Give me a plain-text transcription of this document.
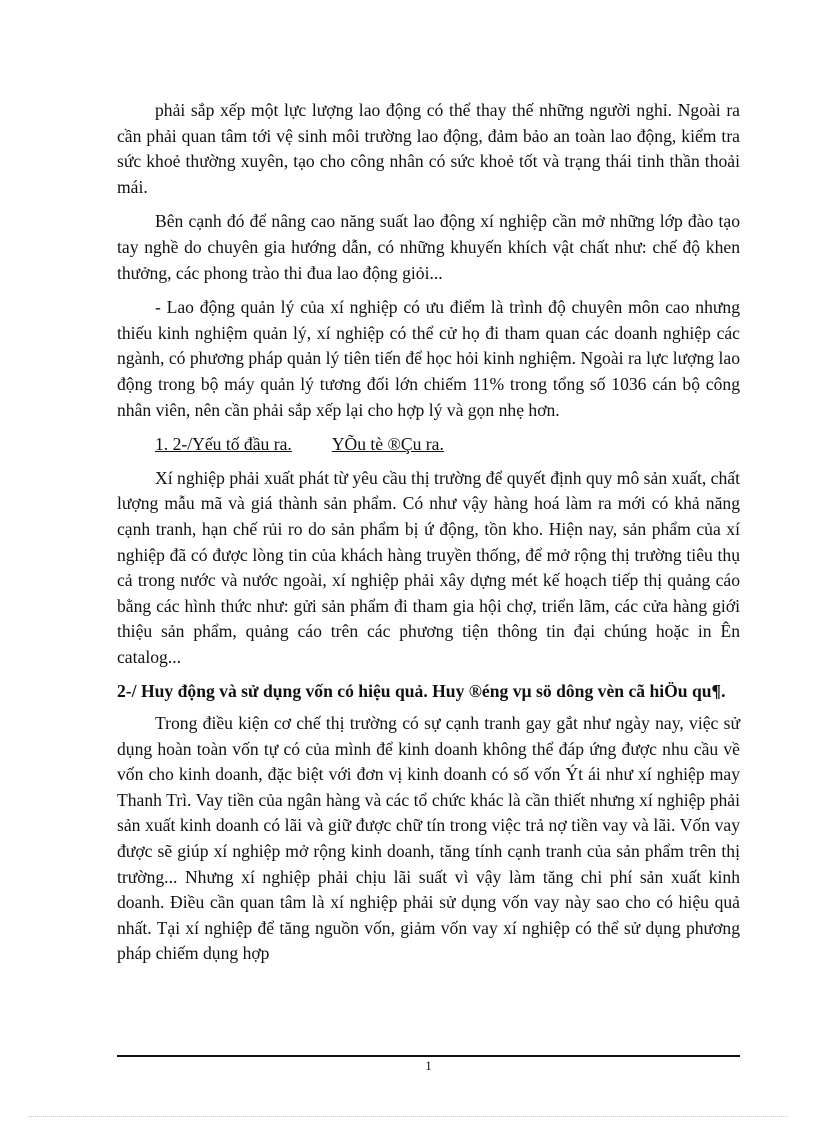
phải sắp xếp một lực lượng lao động có thể thay thế những người nghỉ. Ngoài ra cần phải quan tâm tới vệ sinh môi trường lao động, đảm bảo an toàn lao động, kiểm tra sức khoẻ thường xuyên, tạo cho công nhân có sức khoẻ tốt và trạng thái tinh thần thoải mái.

Bên cạnh đó để nâng cao năng suất lao động xí nghiệp cần mở những lớp đào tạo tay nghề do chuyên gia hướng dẫn, có những khuyến khích vật chất như: chế độ khen thưởng, các phong trào thi đua lao động giỏi...

- Lao động quản lý của xí nghiệp có ưu điểm là trình độ chuyên môn cao nhưng thiếu kinh nghiệm quản lý, xí nghiệp có thể cử họ đi tham quan các doanh nghiệp các ngành, có phương pháp quản lý tiên tiến để học hỏi kinh nghiệm. Ngoài ra lực lượng lao động trong bộ máy quản lý tương đối lớn chiếm 11% trong tổng số 1036 cán bộ công nhân viên, nên cần phải sắp xếp lại cho hợp lý và gọn nhẹ hơn.

1. 2-/Yếu tố đầu ra. YÕu tè ®Çu ra.

Xí nghiệp phải xuất phát từ yêu cầu thị trường để quyết định quy mô sản xuất, chất lượng mẫu mã và giá thành sản phẩm. Có như vậy hàng hoá làm ra mới có khả năng cạnh tranh, hạn chế rủi ro do sản phẩm bị ứ động, tồn kho. Hiện nay, sản phẩm của xí nghiệp đã có được lòng tin của khách hàng truyền thống, để mở rộng thị trường tiêu thụ cả trong nước và nước ngoài, xí nghiệp phải xây dựng mét kế hoạch tiếp thị quảng cáo bằng các hình thức như: gửi sản phẩm đi tham gia hội chợ, triển lãm, các cửa hàng giới thiệu sản phẩm, quảng cáo trên các phương tiện thông tin đại chúng hoặc in Ên catalog...

2-/ Huy động và sử dụng vốn có hiệu quả. Huy ®éng vµ sö dông vèn cã hiÖu qu¶.

Trong điều kiện cơ chế thị trường có sự cạnh tranh gay gắt như ngày nay, việc sử dụng hoàn toàn vốn tự có của mình để kinh doanh không thể đáp ứng được nhu cầu về vốn cho kinh doanh, đặc biệt với đơn vị kinh doanh có số vốn Ýt ái như xí nghiệp may Thanh Trì. Vay tiền của ngân hàng và các tổ chức khác là cần thiết nhưng xí nghiệp phải sản xuất kinh doanh có lãi và giữ được chữ tín trong việc trả nợ tiền vay và lãi. Vốn vay được sẽ giúp xí nghiệp mở rộng kinh doanh, tăng tính cạnh tranh của sản phẩm trên thị trường... Nhưng xí nghiệp phải chịu lãi suất vì vậy làm tăng chi phí sản xuất kinh doanh. Điều cần quan tâm là xí nghiệp phải sử dụng vốn vay này sao cho có hiệu quả nhất. Tại xí nghiệp để tăng nguồn vốn, giảm vốn vay xí nghiệp có thể sử dụng phương pháp chiếm dụng hợp

1
